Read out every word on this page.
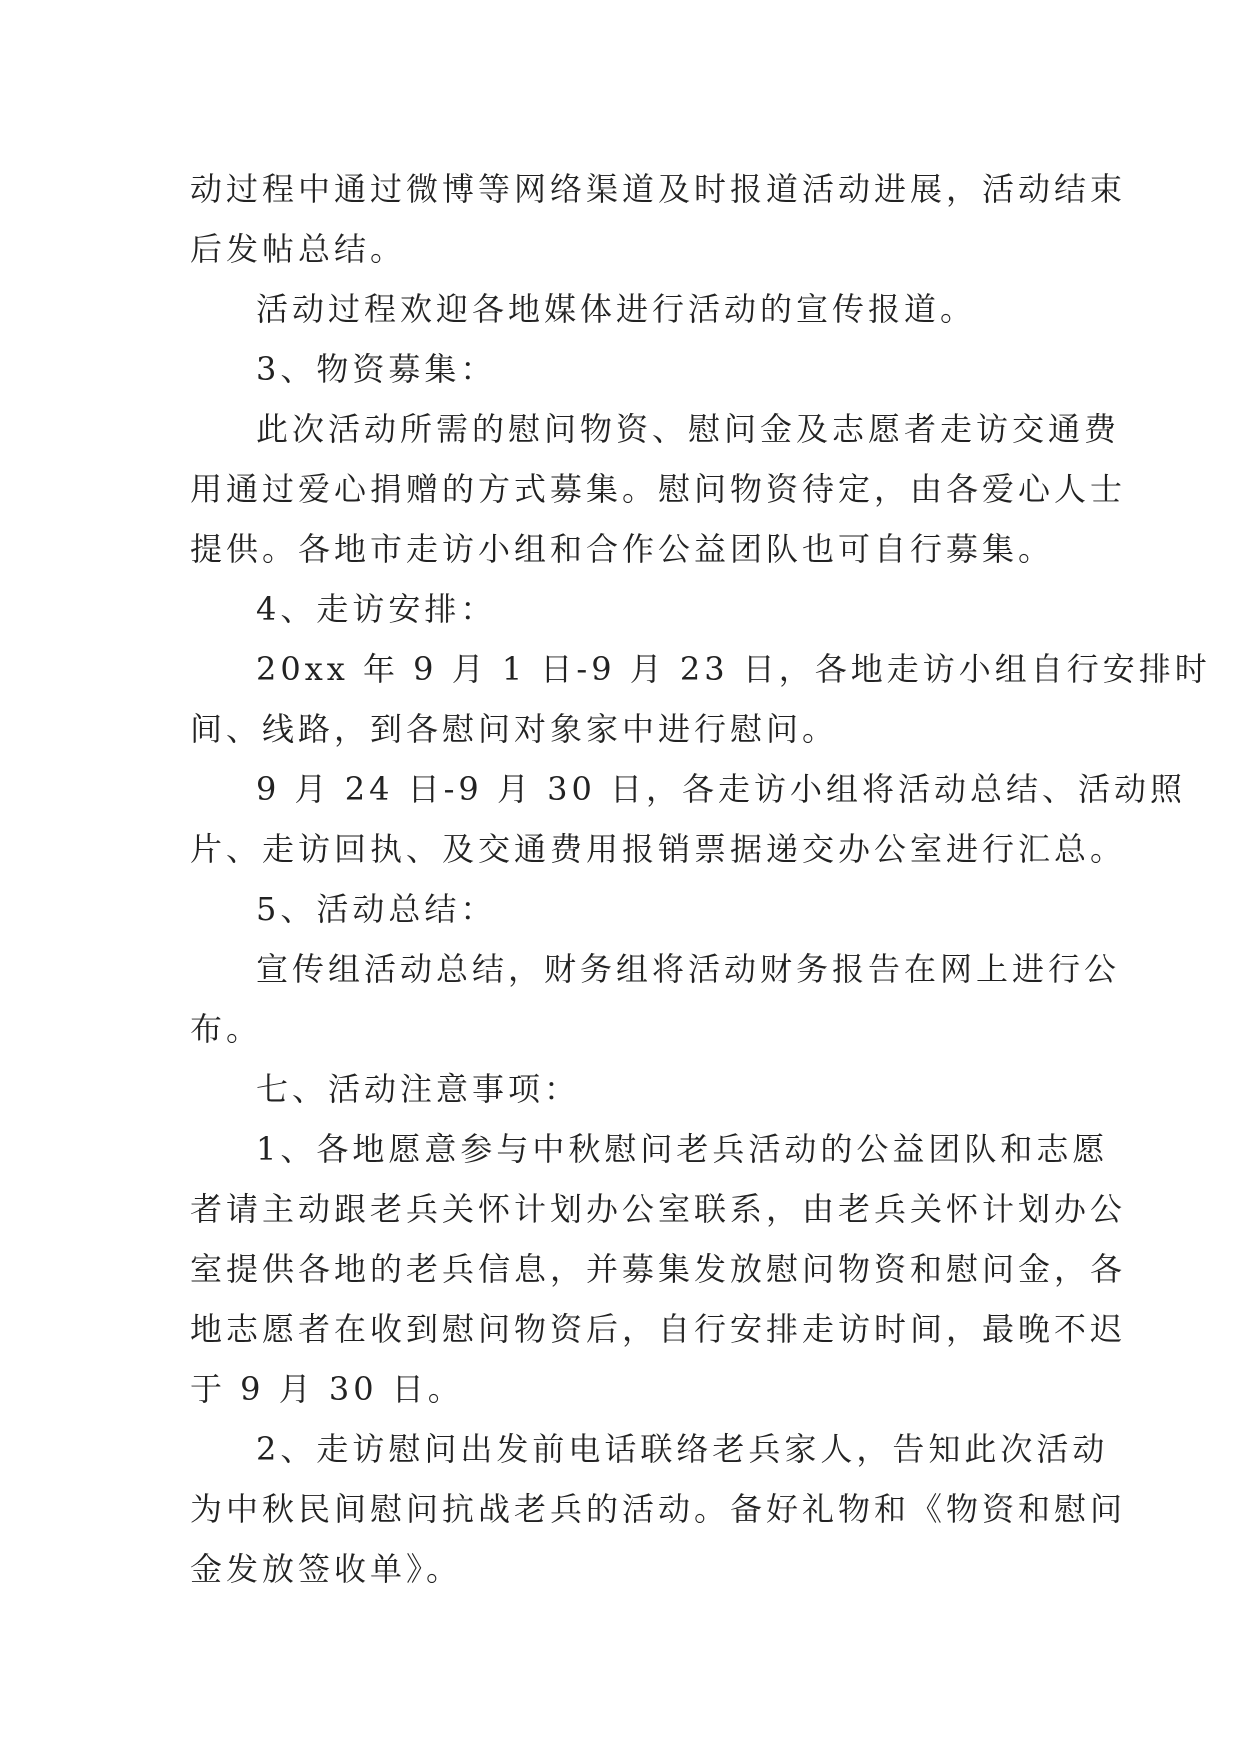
动过程中通过微博等网络渠道及时报道活动进展，活动结束
后发帖总结。
活动过程欢迎各地媒体进行活动的宣传报道。
3、物资募集：
此次活动所需的慰问物资、慰问金及志愿者走访交通费
用通过爱心捐赠的方式募集。慰问物资待定，由各爱心人士
提供。各地市走访小组和合作公益团队也可自行募集。
4、走访安排：
20xx 年 9 月 1 日-9 月 23 日，各地走访小组自行安排时
间、线路，到各慰问对象家中进行慰问。
9 月 24 日-9 月 30 日，各走访小组将活动总结、活动照
片、走访回执、及交通费用报销票据递交办公室进行汇总。
5、活动总结：
宣传组活动总结，财务组将活动财务报告在网上进行公
布。
七、活动注意事项：
1、各地愿意参与中秋慰问老兵活动的公益团队和志愿
者请主动跟老兵关怀计划办公室联系，由老兵关怀计划办公
室提供各地的老兵信息，并募集发放慰问物资和慰问金，各
地志愿者在收到慰问物资后，自行安排走访时间，最晚不迟
于 9 月 30 日。
2、走访慰问出发前电话联络老兵家人，告知此次活动
为中秋民间慰问抗战老兵的活动。备好礼物和《物资和慰问
金发放签收单》。
